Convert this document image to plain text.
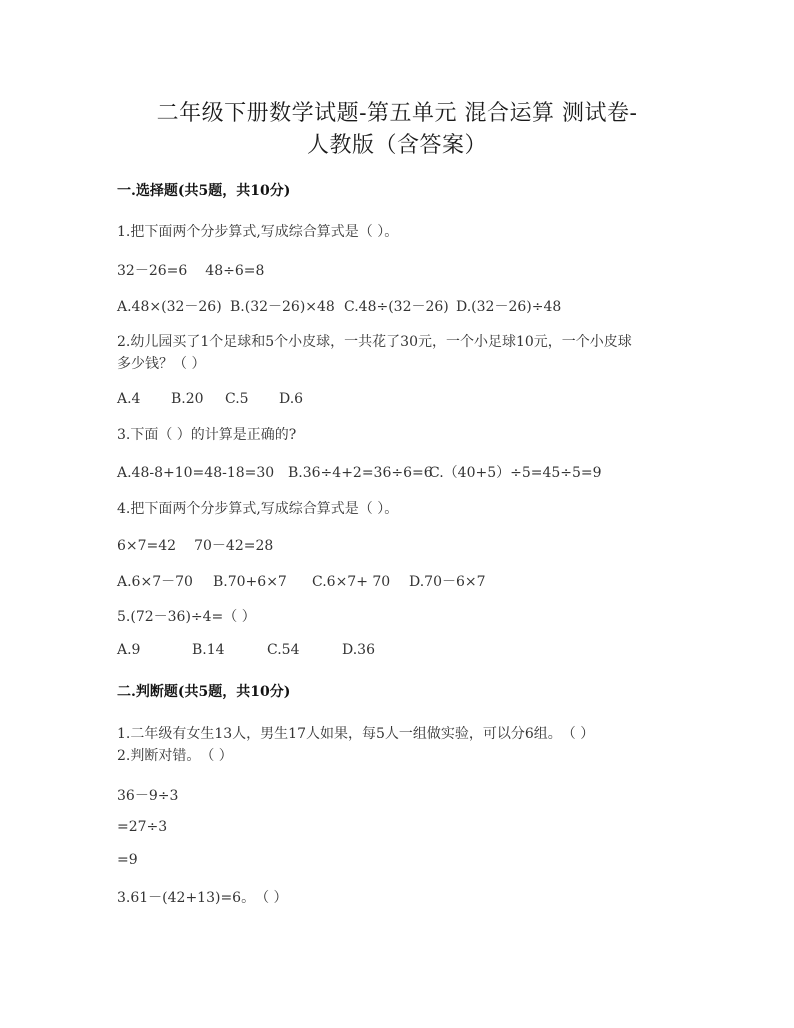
二年级下册数学试题-第五单元 混合运算 测试卷-
人教版（含答案）
一.选择题(共5题，共10分)
1.把下面两个分步算式,写成综合算式是（ ）。
32－26=6 48÷6=8
A.48×(32－26) B.(32－26)×48 C.48÷(32－26) D.(32－26)÷48
2.幼儿园买了1个足球和5个小皮球，一共花了30元，一个小足球10元，一个小皮球
多少钱？（ ）
A.4 B.20 C.5 D.6
3.下面（ ）的计算是正确的?
A.48-8+10=48-18=30 B.36÷4+2=36÷6=6C.（40+5）÷5=45÷5=9
4.把下面两个分步算式,写成综合算式是（ ）。
6×7=42 70－42=28
A.6×7－70 B.70+6×7 C.6×7+ 70 D.70－6×7
5.(72－36)÷4=（ ）
A.9	B.14	C.54	D.36
二.判断题(共5题，共10分)
1.二年级有女生13人，男生17人如果，每5人一组做实验，可以分6组。　（ ）
2.判断对错。　（ ）
36－9÷3
=27÷3
=9
3.61－(42+13)=6。　（ ）
